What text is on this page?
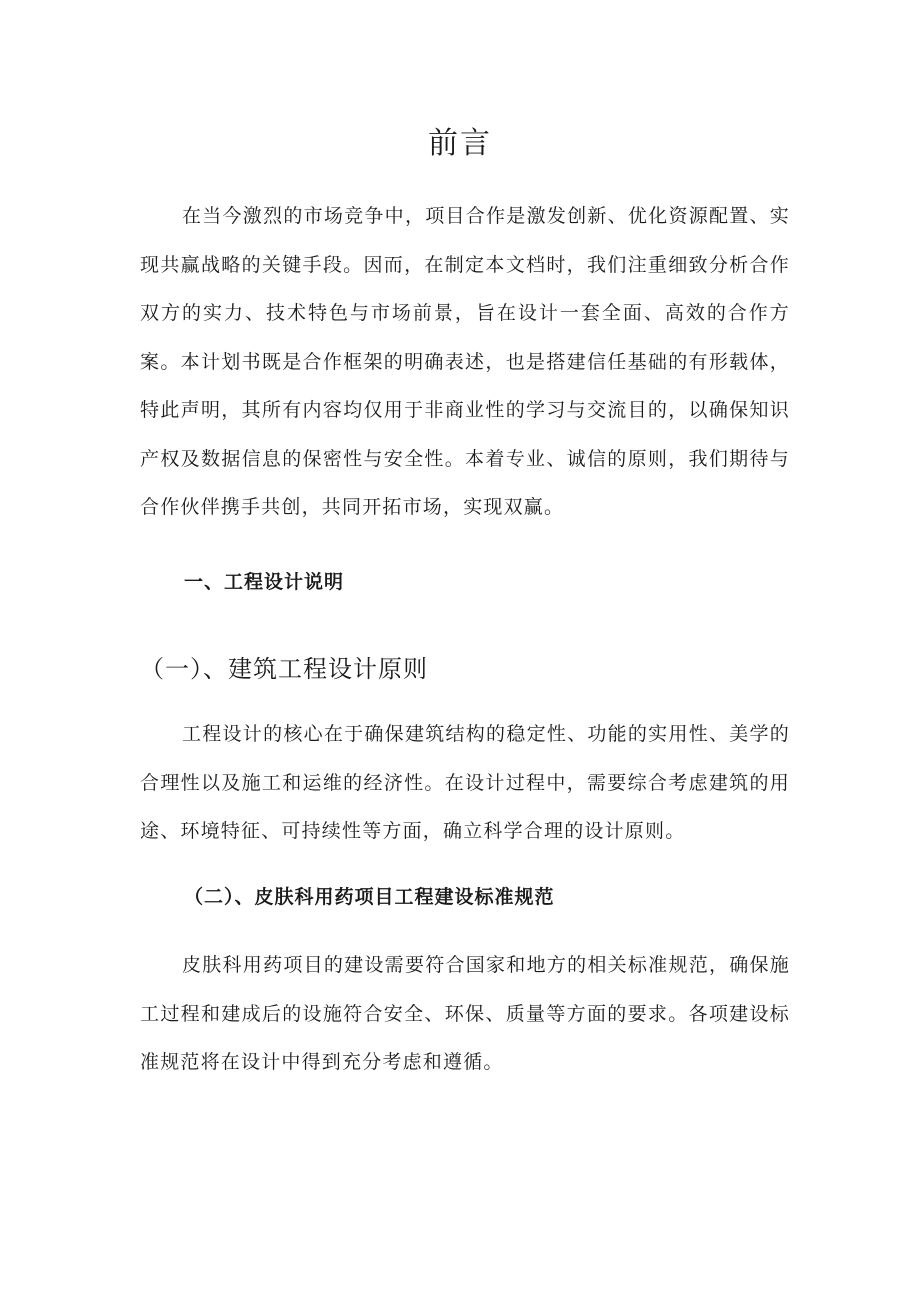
前言

在当今激烈的市场竞争中，项目合作是激发创新、优化资源配置、实现共赢战略的关键手段。因而，在制定本文档时，我们注重细致分析合作双方的实力、技术特色与市场前景，旨在设计一套全面、高效的合作方案。本计划书既是合作框架的明确表述，也是搭建信任基础的有形载体，特此声明，其所有内容均仅用于非商业性的学习与交流目的，以确保知识产权及数据信息的保密性与安全性。本着专业、诚信的原则，我们期待与合作伙伴携手共创，共同开拓市场，实现双赢。

一、工程设计说明
（一）、建筑工程设计原则

工程设计的核心在于确保建筑结构的稳定性、功能的实用性、美学的合理性以及施工和运维的经济性。在设计过程中，需要综合考虑建筑的用途、环境特征、可持续性等方面，确立科学合理的设计原则。

（二）、皮肤科用药项目工程建设标准规范

皮肤科用药项目的建设需要符合国家和地方的相关标准规范，确保施工过程和建成后的设施符合安全、环保、质量等方面的要求。各项建设标准规范将在设计中得到充分考虑和遵循。
